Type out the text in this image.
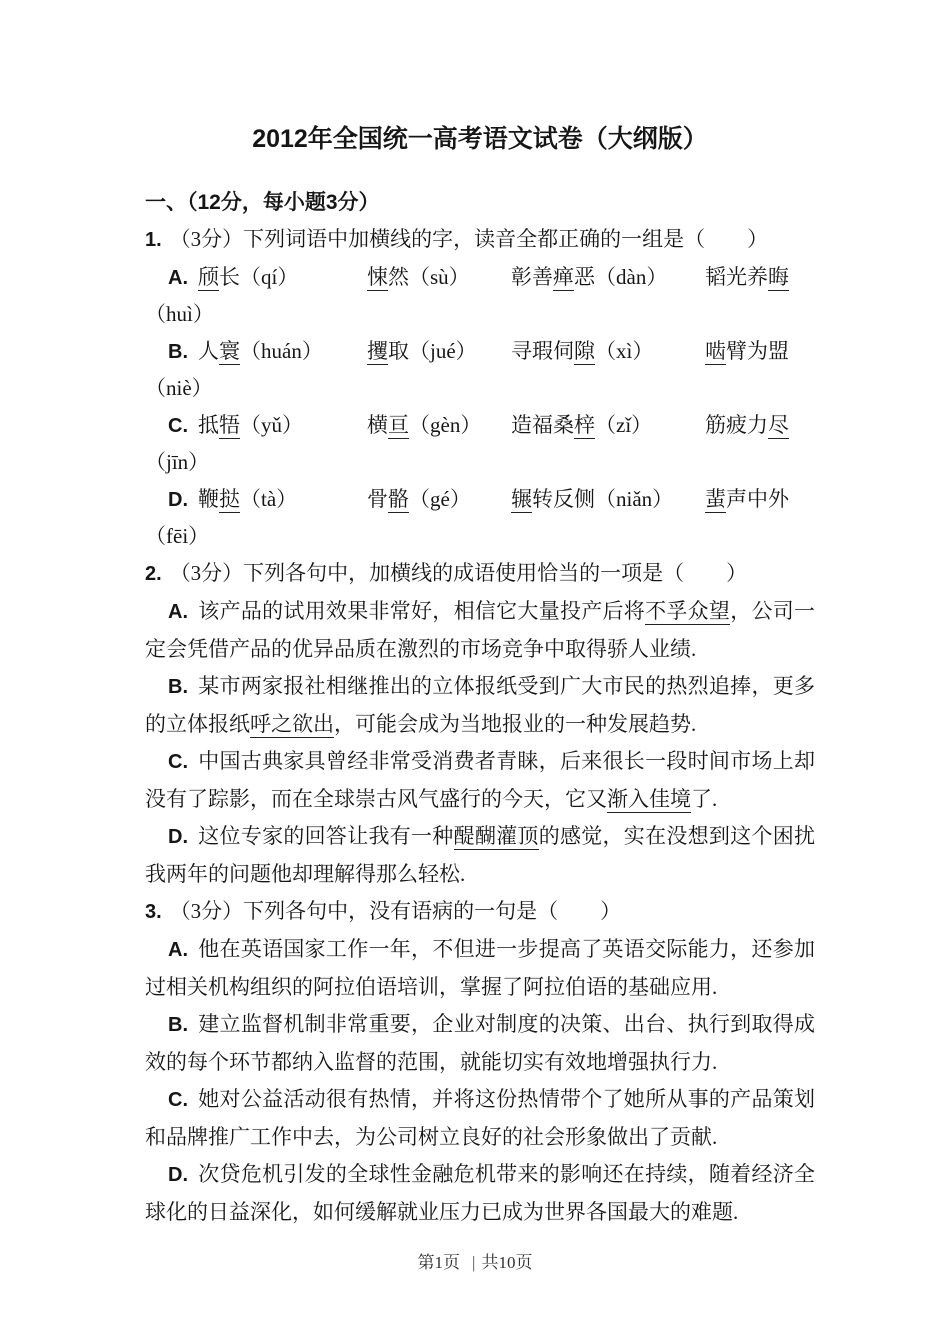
2012年全国统一高考语文试卷（大纲版）
一、（12分，每小题3分）

1. （3分）下列词语中加横线的字，读音全都正确的一组是（　　）

A. 颀长（qí）	悚然（sù） 彰善瘅恶（dàn） 韬光养晦

（huì）

B. 人寰（huán） 攫取（jué） 寻瑕伺隙（xì） 啮臂为盟

（niè）

C. 抵牾（yǔ）	横亘（gèn） 造福桑梓（zǐ）	筋疲力尽

（jīn）

D. 鞭挞（tà）	骨骼（gé） 辗转反侧（niǎn） 蜚声中外

（fēi）

2. （3分）下列各句中，加横线的成语使用恰当的一项是（　　）

A. 该产品的试用效果非常好，相信它大量投产后将不孚众望，公司一定会凭借产品的优异品质在激烈的市场竞争中取得骄人业绩.

B. 某市两家报社相继推出的立体报纸受到广大市民的热烈追捧，更多的立体报纸呼之欲出，可能会成为当地报业的一种发展趋势.

C. 中国古典家具曾经非常受消费者青睐，后来很长一段时间市场上却没有了踪影，而在全球崇古风气盛行的今天，它又渐入佳境了.

D. 这位专家的回答让我有一种醍醐灌顶的感觉，实在没想到这个困扰我两年的问题他却理解得那么轻松.

3. （3分）下列各句中，没有语病的一句是（　　）

A. 他在英语国家工作一年，不但进一步提高了英语交际能力，还参加过相关机构组织的阿拉伯语培训，掌握了阿拉伯语的基础应用.

B. 建立监督机制非常重要，企业对制度的决策、出台、执行到取得成效的每个环节都纳入监督的范围，就能切实有效地增强执行力.

C. 她对公益活动很有热情，并将这份热情带个了她所从事的产品策划和品牌推广工作中去，为公司树立良好的社会形象做出了贡献.

D. 次贷危机引发的全球性金融危机带来的影响还在持续，随着经济全球化的日益深化，如何缓解就业压力已成为世界各国最大的难题.

第1页 | 共10页
